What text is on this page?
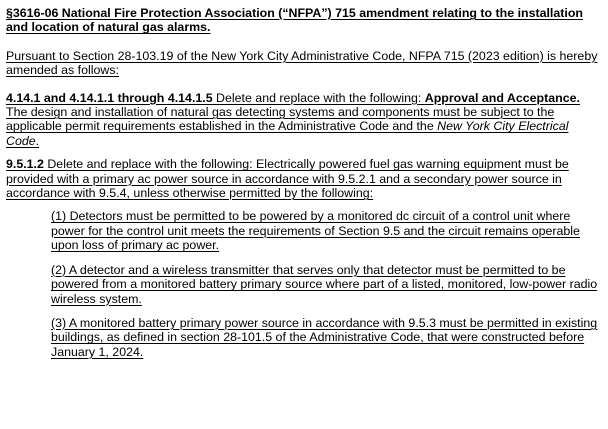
§3616-06 National Fire Protection Association (“NFPA”) 715 amendment relating to the installation and location of natural gas alarms.

Pursuant to Section 28-103.19 of the New York City Administrative Code, NFPA 715 (2023 edition) is hereby amended as follows:

4.14.1 and 4.14.1.1 through 4.14.1.5 Delete and replace with the following: Approval and Acceptance. The design and installation of natural gas detecting systems and components must be subject to the applicable permit requirements established in the Administrative Code and the New York City Electrical Code.

9.5.1.2 Delete and replace with the following: Electrically powered fuel gas warning equipment must be provided with a primary ac power source in accordance with 9.5.2.1 and a secondary power source in accordance with 9.5.4, unless otherwise permitted by the following:

(1) Detectors must be permitted to be powered by a monitored dc circuit of a control unit where power for the control unit meets the requirements of Section 9.5 and the circuit remains operable upon loss of primary ac power.

(2) A detector and a wireless transmitter that serves only that detector must be permitted to be powered from a monitored battery primary source where part of a listed, monitored, low-power radio wireless system.

(3) A monitored battery primary power source in accordance with 9.5.3 must be permitted in existing buildings, as defined in section 28-101.5 of the Administrative Code, that were constructed before January 1, 2024.
